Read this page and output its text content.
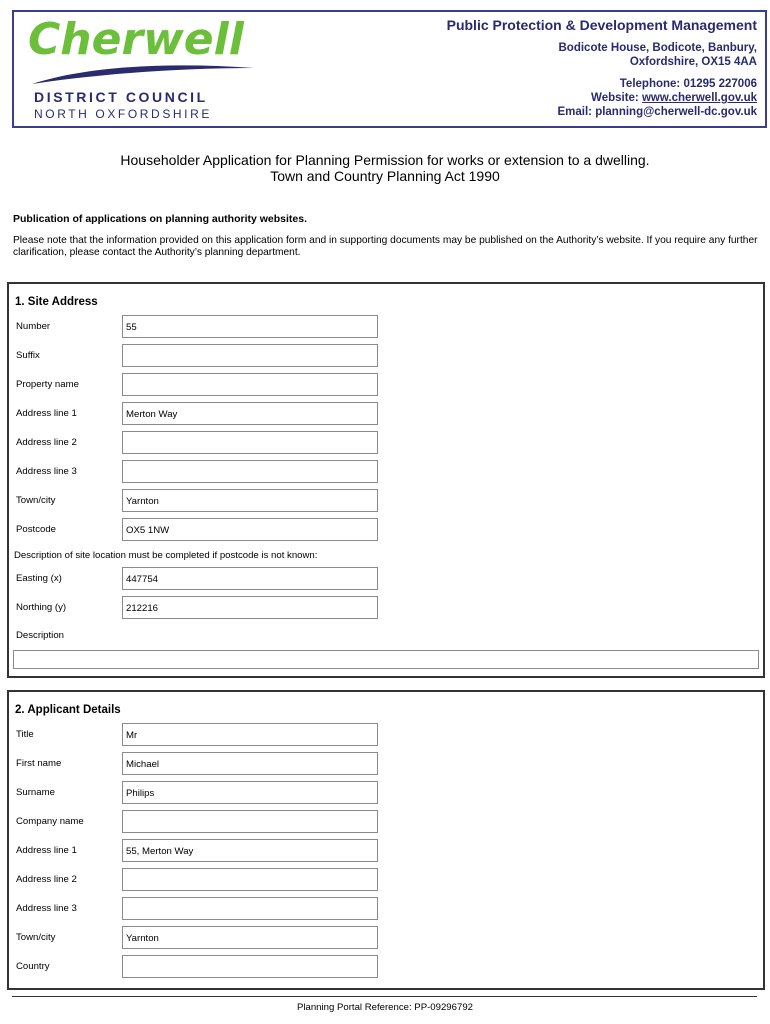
Cherwell
DISTRICT COUNCIL
NORTH OXFORDSHIRE
Public Protection & Development Management
Bodicote House, Bodicote, Banbury,
Oxfordshire, OX15 4AA
Telephone: 01295 227006
Website: www.cherwell.gov.uk
Email: planning@cherwell-dc.gov.uk
Householder Application for Planning Permission for works or extension to a dwelling.
Town and Country Planning Act 1990
Publication of applications on planning authority websites.
Please note that the information provided on this application form and in supporting documents may be published on the Authority’s website. If you require any further clarification, please contact the Authority’s planning department.
1. Site Address
Number	55
Suffix
Property name
Address line 1	Merton Way
Address line 2
Address line 3
Town/city	Yarnton
Postcode	OX5 1NW
Description of site location must be completed if postcode is not known:
Easting (x)	447754
Northing (y)	212216
Description
2. Applicant Details
Title	Mr
First name	Michael
Surname	Philips
Company name
Address line 1	55, Merton Way
Address line 2
Address line 3
Town/city	Yarnton
Country
Planning Portal Reference: PP-09296792
